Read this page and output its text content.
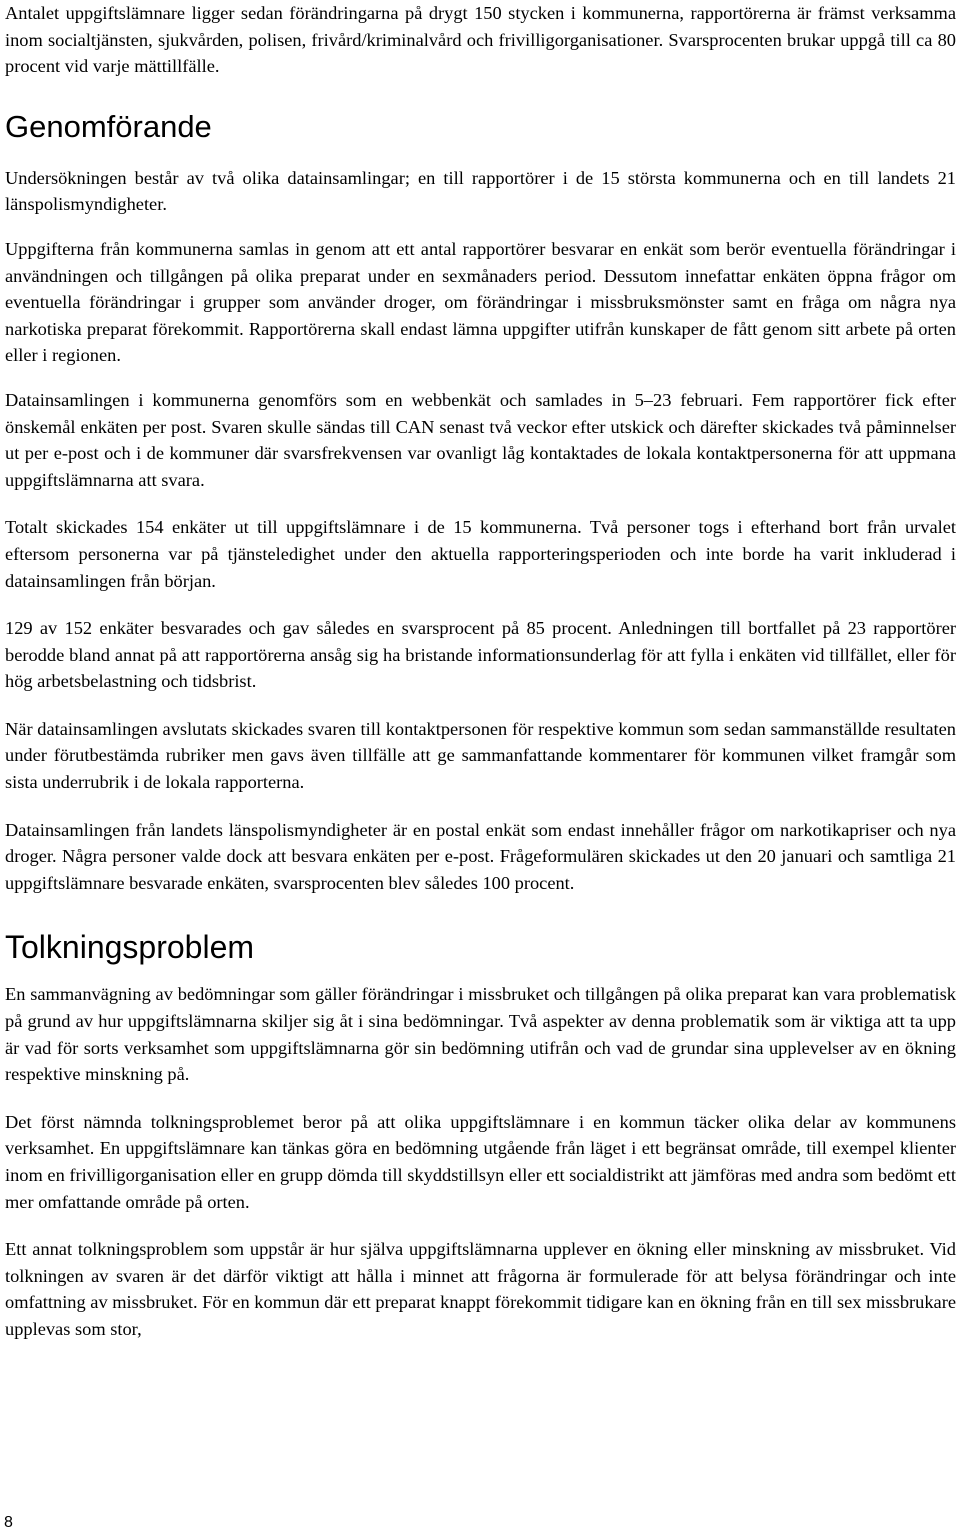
Antalet uppgiftslämnare ligger sedan förändringarna på drygt 150 stycken i kommunerna, rapportörerna är främst verksamma inom socialtjänsten, sjukvården, polisen, frivård/kriminalvård och frivilligorganisationer. Svarsprocenten brukar uppgå till ca 80 procent vid varje mättillfälle.

Genomförande

Undersökningen består av två olika datainsamlingar; en till rapportörer i de 15 största kommunerna och en till landets 21 länspolismyndigheter.

Uppgifterna från kommunerna samlas in genom att ett antal rapportörer besvarar en enkät som berör eventuella förändringar i användningen och tillgången på olika preparat under en sexmånaders period. Dessutom innefattar enkäten öppna frågor om eventuella förändringar i grupper som använder droger, om förändringar i missbruksmönster samt en fråga om några nya narkotiska preparat förekommit. Rapportörerna skall endast lämna uppgifter utifrån kunskaper de fått genom sitt arbete på orten eller i regionen.

Datainsamlingen i kommunerna genomförs som en webbenkät och samlades in 5–23 februari. Fem rapportörer fick efter önskemål enkäten per post. Svaren skulle sändas till CAN senast två veckor efter utskick och därefter skickades två påminnelser ut per e-post och i de kommuner där svarsfrekvensen var ovanligt låg kontaktades de lokala kontaktpersonerna för att uppmana uppgiftslämnarna att svara.

Totalt skickades 154 enkäter ut till uppgiftslämnare i de 15 kommunerna. Två personer togs i efterhand bort från urvalet eftersom personerna var på tjänsteledighet under den aktuella rapporteringsperioden och inte borde ha varit inkluderad i datainsamlingen från början.

129 av 152 enkäter besvarades och gav således en svarsprocent på 85 procent. Anledningen till bortfallet på 23 rapportörer berodde bland annat på att rapportörerna ansåg sig ha bristande informationsunderlag för att fylla i enkäten vid tillfället, eller för hög arbetsbelastning och tidsbrist.

När datainsamlingen avslutats skickades svaren till kontaktpersonen för respektive kommun som sedan sammanställde resultaten under förutbestämda rubriker men gavs även tillfälle att ge sammanfattande kommentarer för kommunen vilket framgår som sista underrubrik i de lokala rapporterna.

Datainsamlingen från landets länspolismyndigheter är en postal enkät som endast innehåller frågor om narkotikapriser och nya droger. Några personer valde dock att besvara enkäten per e-post. Frågeformulären skickades ut den 20 januari och samtliga 21 uppgiftslämnare besvarade enkäten, svarsprocenten blev således 100 procent.

Tolkningsproblem

En sammanvägning av bedömningar som gäller förändringar i missbruket och tillgången på olika preparat kan vara problematisk på grund av hur uppgiftslämnarna skiljer sig åt i sina bedömningar. Två aspekter av denna problematik som är viktiga att ta upp är vad för sorts verksamhet som uppgiftslämnarna gör sin bedömning utifrån och vad de grundar sina upplevelser av en ökning respektive minskning på.

Det först nämnda tolkningsproblemet beror på att olika uppgiftslämnare i en kommun täcker olika delar av kommunens verksamhet. En uppgiftslämnare kan tänkas göra en bedömning utgående från läget i ett begränsat område, till exempel klienter inom en frivilligorganisation eller en grupp dömda till skyddstillsyn eller ett socialdistrikt att jämföras med andra som bedömt ett mer omfattande område på orten.

Ett annat tolkningsproblem som uppstår är hur själva uppgiftslämnarna upplever en ökning eller minskning av missbruket. Vid tolkningen av svaren är det därför viktigt att hålla i minnet att frågorna är formulerade för att belysa förändringar och inte omfattning av missbruket. För en kommun där ett preparat knappt förekommit tidigare kan en ökning från en till sex missbrukare upplevas som stor,

8
